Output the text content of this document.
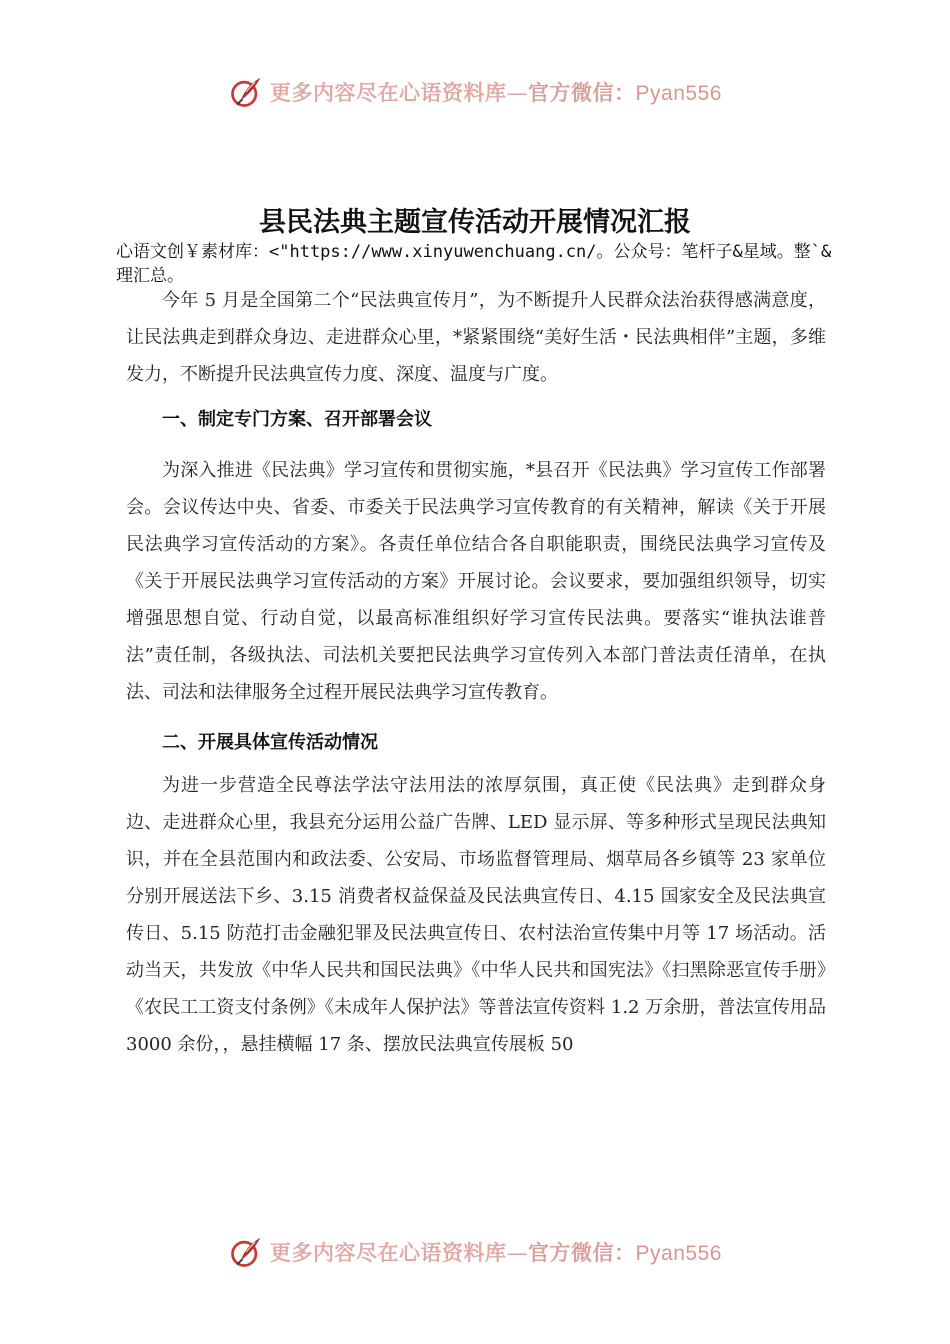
更多内容尽在心语资料库—官方微信：Pyan556
县民法典主题宣传活动开展情况汇报
心语文创￥素材库：<"https://www.xinyuwenchuang.cn/。公众号：笔杆子&星域。整`&理汇总。

今年 5 月是全国第二个“民法典宣传月”，为不断提升人民群众法治获得感满意度，让民法典走到群众身边、走进群众心里，*紧紧围绕“美好生活・民法典相伴”主题，多维发力，不断提升民法典宣传力度、深度、温度与广度。

一、制定专门方案、召开部署会议

为深入推进《民法典》学习宣传和贯彻实施，*县召开《民法典》学习宣传工作部署会。会议传达中央、省委、市委关于民法典学习宣传教育的有关精神，解读《关于开展民法典学习宣传活动的方案》。各责任单位结合各自职能职责，围绕民法典学习宣传及《关于开展民法典学习宣传活动的方案》开展讨论。会议要求，要加强组织领导，切实增强思想自觉、行动自觉，以最高标准组织好学习宣传民法典。要落实“谁执法谁普法”责任制，各级执法、司法机关要把民法典学习宣传列入本部门普法责任清单，在执法、司法和法律服务全过程开展民法典学习宣传教育。

二、开展具体宣传活动情况

为进一步营造全民尊法学法守法用法的浓厚氛围，真正使《民法典》走到群众身边、走进群众心里，我县充分运用公益广告牌、LED 显示屏、等多种形式呈现民法典知识，并在全县范围内和政法委、公安局、市场监督管理局、烟草局各乡镇等 23 家单位分别开展送法下乡、3.15 消费者权益保益及民法典宣传日、4.15 国家安全及民法典宣传日、5.15 防范打击金融犯罪及民法典宣传日、农村法治宣传集中月等 17 场活动。活动当天，共发放《中华人民共和国民法典》《中华人民共和国宪法》《扫黑除恶宣传手册》《农民工工资支付条例》《未成年人保护法》等普法宣传资料 1.2 万余册，普法宣传用品 3000 余份，，悬挂横幅 17 条、摆放民法典宣传展板 50

更多内容尽在心语资料库—官方微信：Pyan556
